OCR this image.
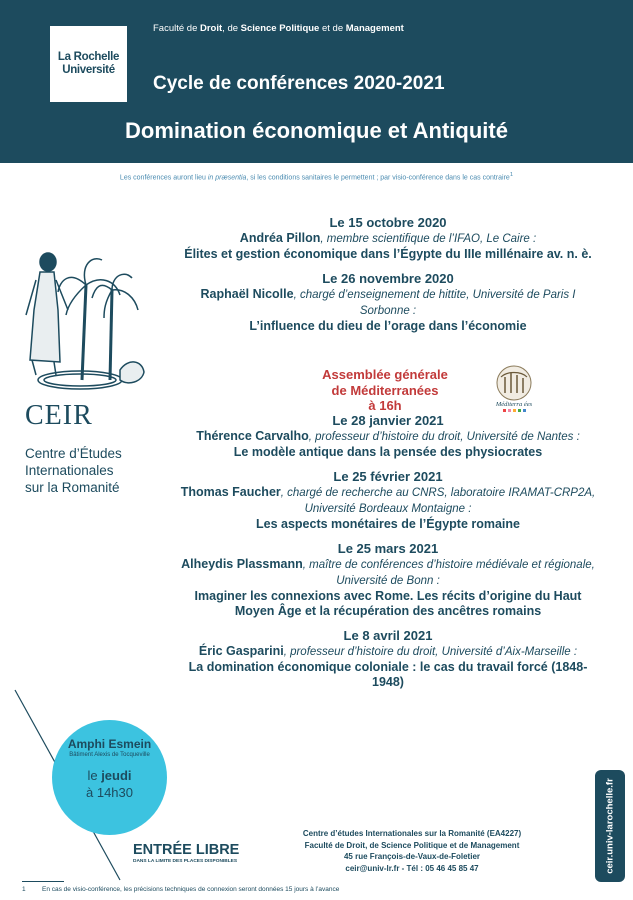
La Rochelle
Université
Faculté de Droit, de Science Politique et de Management
Cycle de conférences 2020-2021
Domination économique et Antiquité
Les conférences auront lieu in præsentia, si les conditions sanitaires le permettent ; par visio-conférence dans le cas contraire$^1$
CEIR
Centre d’Études
Internationales
sur la Romanité
Le 15 octobre 2020
Andréa Pillon, membre scientifique de l’IFAO, Le Caire :
Élites et gestion économique dans l’Égypte du IIIe millénaire av. n. è.
Le 26 novembre 2020
Raphaël Nicolle, chargé d’enseignement de hittite, Université de Paris I Sorbonne :
L’influence du dieu de l’orage dans l’économie
Le 28 janvier 2021
Thérence Carvalho, professeur d’histoire du droit, Université de Nantes :
Le modèle antique dans la pensée des physiocrates
Le 25 février 2021
Thomas Faucher, chargé de recherche au CNRS, laboratoire IRAMAT-CRP2A, Université Bordeaux Montaigne :
Les aspects monétaires de l’Égypte romaine
Le 25 mars 2021
Alheydis Plassmann, maître de conférences d’histoire médiévale et régionale, Université de Bonn :
Imaginer les connexions avec Rome. Les récits d’origine du Haut Moyen Âge et la récupération des ancêtres romains
Le 8 avril 2021
Éric Gasparini, professeur d’histoire du droit, Université d’Aix-Marseille :
La domination économique coloniale : le cas du travail forcé (1848-1948)
Assemblée générale
de Méditerranées
à 16h	Méditerra ées
Amphi Esmein
Bâtiment Alexis de Tocqueville
le jeudi
à 14h30
ENTRÉE LIBRE
DANS LA LIMITE DES PLACES DISPONIBLES
Centre d’études Internationales sur la Romanité (EA4227)
Faculté de Droit, de Science Politique et de Management
45 rue François-de-Vaux-de-Foletier
ceir@univ-lr.fr - Tél : 05 46 45 85 47	ceir.univ-larochelle.fr
1	En cas de visio-conférence, les précisions techniques de connexion seront données 15 jours à l’avance
